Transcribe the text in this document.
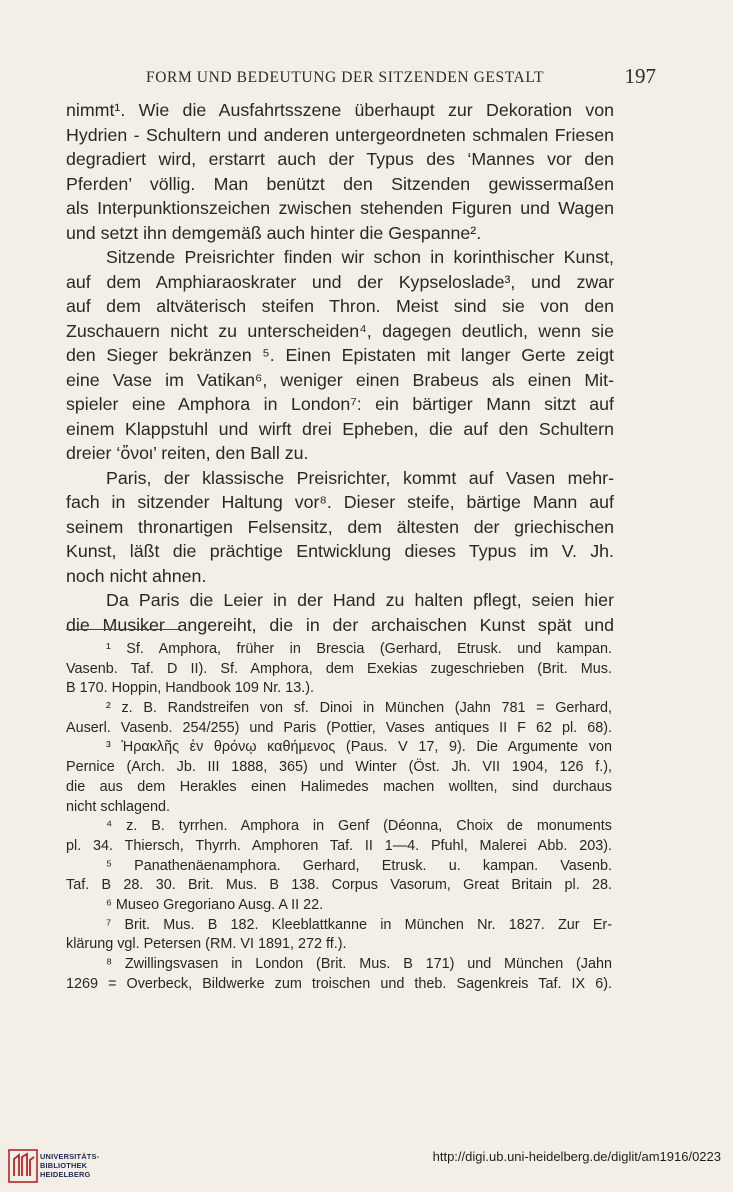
FORM UND BEDEUTUNG DER SITZENDEN GESTALT	197
nimmt¹. Wie die Ausfahrtsszene überhaupt zur Dekoration von
Hydrien - Schultern und anderen untergeordneten schmalen Friesen
degradiert wird, erstarrt auch der Typus des ‘Mannes vor den
Pferden’ völlig. Man benützt den Sitzenden gewissermaßen
als Interpunktionszeichen zwischen stehenden Figuren und Wagen
und setzt ihn demgemäß auch hinter die Gespanne².
Sitzende Preisrichter finden wir schon in korinthischer Kunst,
auf dem Amphiaraoskrater und der Kypseloslade³, und zwar
auf dem altväterisch steifen Thron. Meist sind sie von den
Zuschauern nicht zu unterscheiden⁴, dagegen deutlich, wenn sie
den Sieger bekränzen ⁵. Einen Epistaten mit langer Gerte zeigt
eine Vase im Vatikan⁶, weniger einen Brabeus als einen Mit-
spieler eine Amphora in London⁷: ein bärtiger Mann sitzt auf
einem Klappstuhl und wirft drei Epheben, die auf den Schultern
dreier ‘ὄνοι’ reiten, den Ball zu.
Paris, der klassische Preisrichter, kommt auf Vasen mehr-
fach in sitzender Haltung vor⁸. Dieser steife, bärtige Mann auf
seinem thronartigen Felsensitz, dem ältesten der griechischen
Kunst, läßt die prächtige Entwicklung dieses Typus im V. Jh.
noch nicht ahnen.
Da Paris die Leier in der Hand zu halten pflegt, seien hier
die Musiker angereiht, die in der archaischen Kunst spät und
¹ Sf. Amphora, früher in Brescia (Gerhard, Etrusk. und kampan.
Vasenb. Taf. D II). Sf. Amphora, dem Exekias zugeschrieben (Brit. Mus.
B 170. Hoppin, Handbook 109 Nr. 13.).
² z. B. Randstreifen von sf. Dinoi in München (Jahn 781 = Gerhard,
Auserl. Vasenb. 254/255) und Paris (Pottier, Vases antiques II F 62 pl. 68).
³ Ἡρακλῆς ἐν θρόνῳ καθήμενος (Paus. V 17, 9). Die Argumente von
Pernice (Arch. Jb. III 1888, 365) und Winter (Öst. Jh. VII 1904, 126 f.),
die aus dem Herakles einen Halimedes machen wollten, sind durchaus
nicht schlagend.
⁴ z. B. tyrrhen. Amphora in Genf (Déonna, Choix de monuments
pl. 34. Thiersch, Thyrrh. Amphoren Taf. II 1—4. Pfuhl, Malerei Abb. 203).
⁵ Panathenäenamphora. Gerhard, Etrusk. u. kampan. Vasenb.
Taf. B 28. 30. Brit. Mus. B 138. Corpus Vasorum, Great Britain pl. 28.
⁶ Museo Gregoriano Ausg. A II 22.
⁷ Brit. Mus. B 182. Kleeblattkanne in München Nr. 1827. Zur Er-
klärung vgl. Petersen (RM. VI 1891, 272 ff.).
⁸ Zwillingsvasen in London (Brit. Mus. B 171) und München (Jahn
1269 = Overbeck, Bildwerke zum troischen und theb. Sagenkreis Taf. IX 6).
UNIVERSITÄTS-
BIBLIOTHEK
HEIDELBERG
http://digi.ub.uni-heidelberg.de/diglit/am1916/0223
